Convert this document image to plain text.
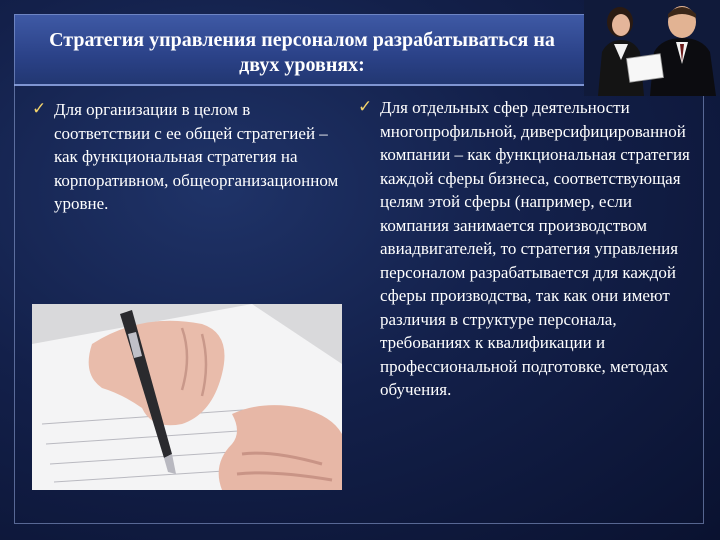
Стратегия управления персоналом разрабатываться на
двух уровнях:
✓ Для организации в целом в соответствии с ее общей стратегией – как функциональная стратегия на корпоративном, общеорганизационном уровне.
✓ Для отдельных сфер деятельности многопрофильной, диверсифицированной компании – как функциональная стратегия каждой сферы бизнеса, соответствующая целям этой сферы (например, если компания занимается производством авиадвигателей, то стратегия управления персоналом разрабатывается для каждой сферы производства, так как они имеют различия в структуре персонала, требованиях к квалификации и профессиональной подготовке, методах обучения.
